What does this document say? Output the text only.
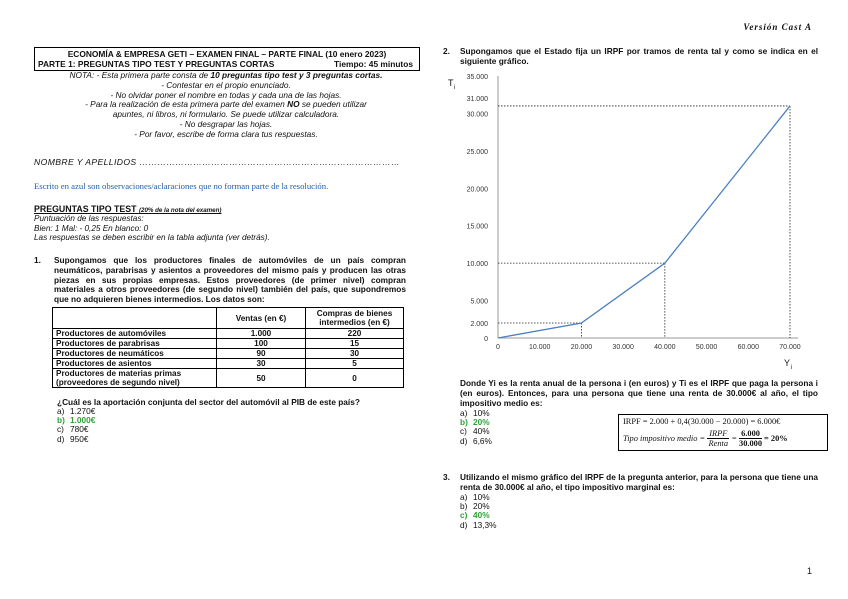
Versión Cast A
ECONOMÍA & EMPRESA GETI – EXAMEN FINAL – PARTE FINAL (10 enero 2023)
PARTE 1: PREGUNTAS TIPO TEST Y PREGUNTAS CORTAS	Tiempo: 45 minutos
NOTA: - Esta primera parte consta de 10 preguntas tipo test y 3 preguntas cortas.
- Contestar en el propio enunciado.
- No olvidar poner el nombre en todas y cada una de las hojas.
- Para la realización de esta primera parte del examen NO se pueden utilizar
apuntes, ni libros, ni formulario. Se puede utilizar calculadora.
- No desgrapar las hojas.
- Por favor, escribe de forma clara tus respuestas.
NOMBRE Y APELLIDOS ……………………………………………………………………………
Escrito en azul son observaciones/aclaraciones que no forman parte de la resolución.
PREGUNTAS TIPO TEST (20% de la nota del examen)
Puntuación de las respuestas:
Bien: 1 Mal: - 0,25 En blanco: 0
Las respuestas se deben escribir en la tabla adjunta (ver detrás).
1. Supongamos que los productores finales de automóviles de un país compran neumáticos, parabrisas y asientos a proveedores del mismo país y producen las otras piezas en sus propias empresas. Estos proveedores (de primer nivel) compran materiales a otros proveedores (de segundo nivel) también del país, que supondremos que no adquieren bienes intermedios. Los datos son:
	Ventas (en €)	Compras de bienes intermedios (en €)
Productores de automóviles	1.000	220
Productores de parabrisas	100	15
Productores de neumáticos	90	30
Productores de asientos	30	5
Productores de materias primas (proveedores de segundo nivel)	50	0
¿Cuál es la aportación conjunta del sector del automóvil al PIB de este país?
a) 1.270€
b) 1.000€
c) 780€
d) 950€
2. Supongamos que el Estado fija un IRPF por tramos de renta tal y como se indica en el siguiente gráfico.
0
2.000
5.000
10.000
15.000
20.000
25.000
30.000
31.000
35.000
0	10.000	20.000	30.000	40.000	50.000	60.000	70.000
T i
Y i
Donde Yi es la renta anual de la persona i (en euros) y Ti es el IRPF que paga la persona i (en euros). Entonces, para una persona que tiene una renta de 30.000€ al año, el tipo impositivo medio es:
a) 10%
b) 20%
c) 40%
d) 6,6%
IRPF = 2.000 + 0,4(30.000 − 20.000) = 6.000€
Tipo impositivo medio = $\frac{\text{IRPF}}{\text{Renta}} = \frac{6.000}{30.000} = 20\%$
3. Utilizando el mismo gráfico del IRPF de la pregunta anterior, para la persona que tiene una renta de 30.000€ al año, el tipo impositivo marginal es:
a) 10%
b) 20%
c) 40%
d) 13,3%
1
